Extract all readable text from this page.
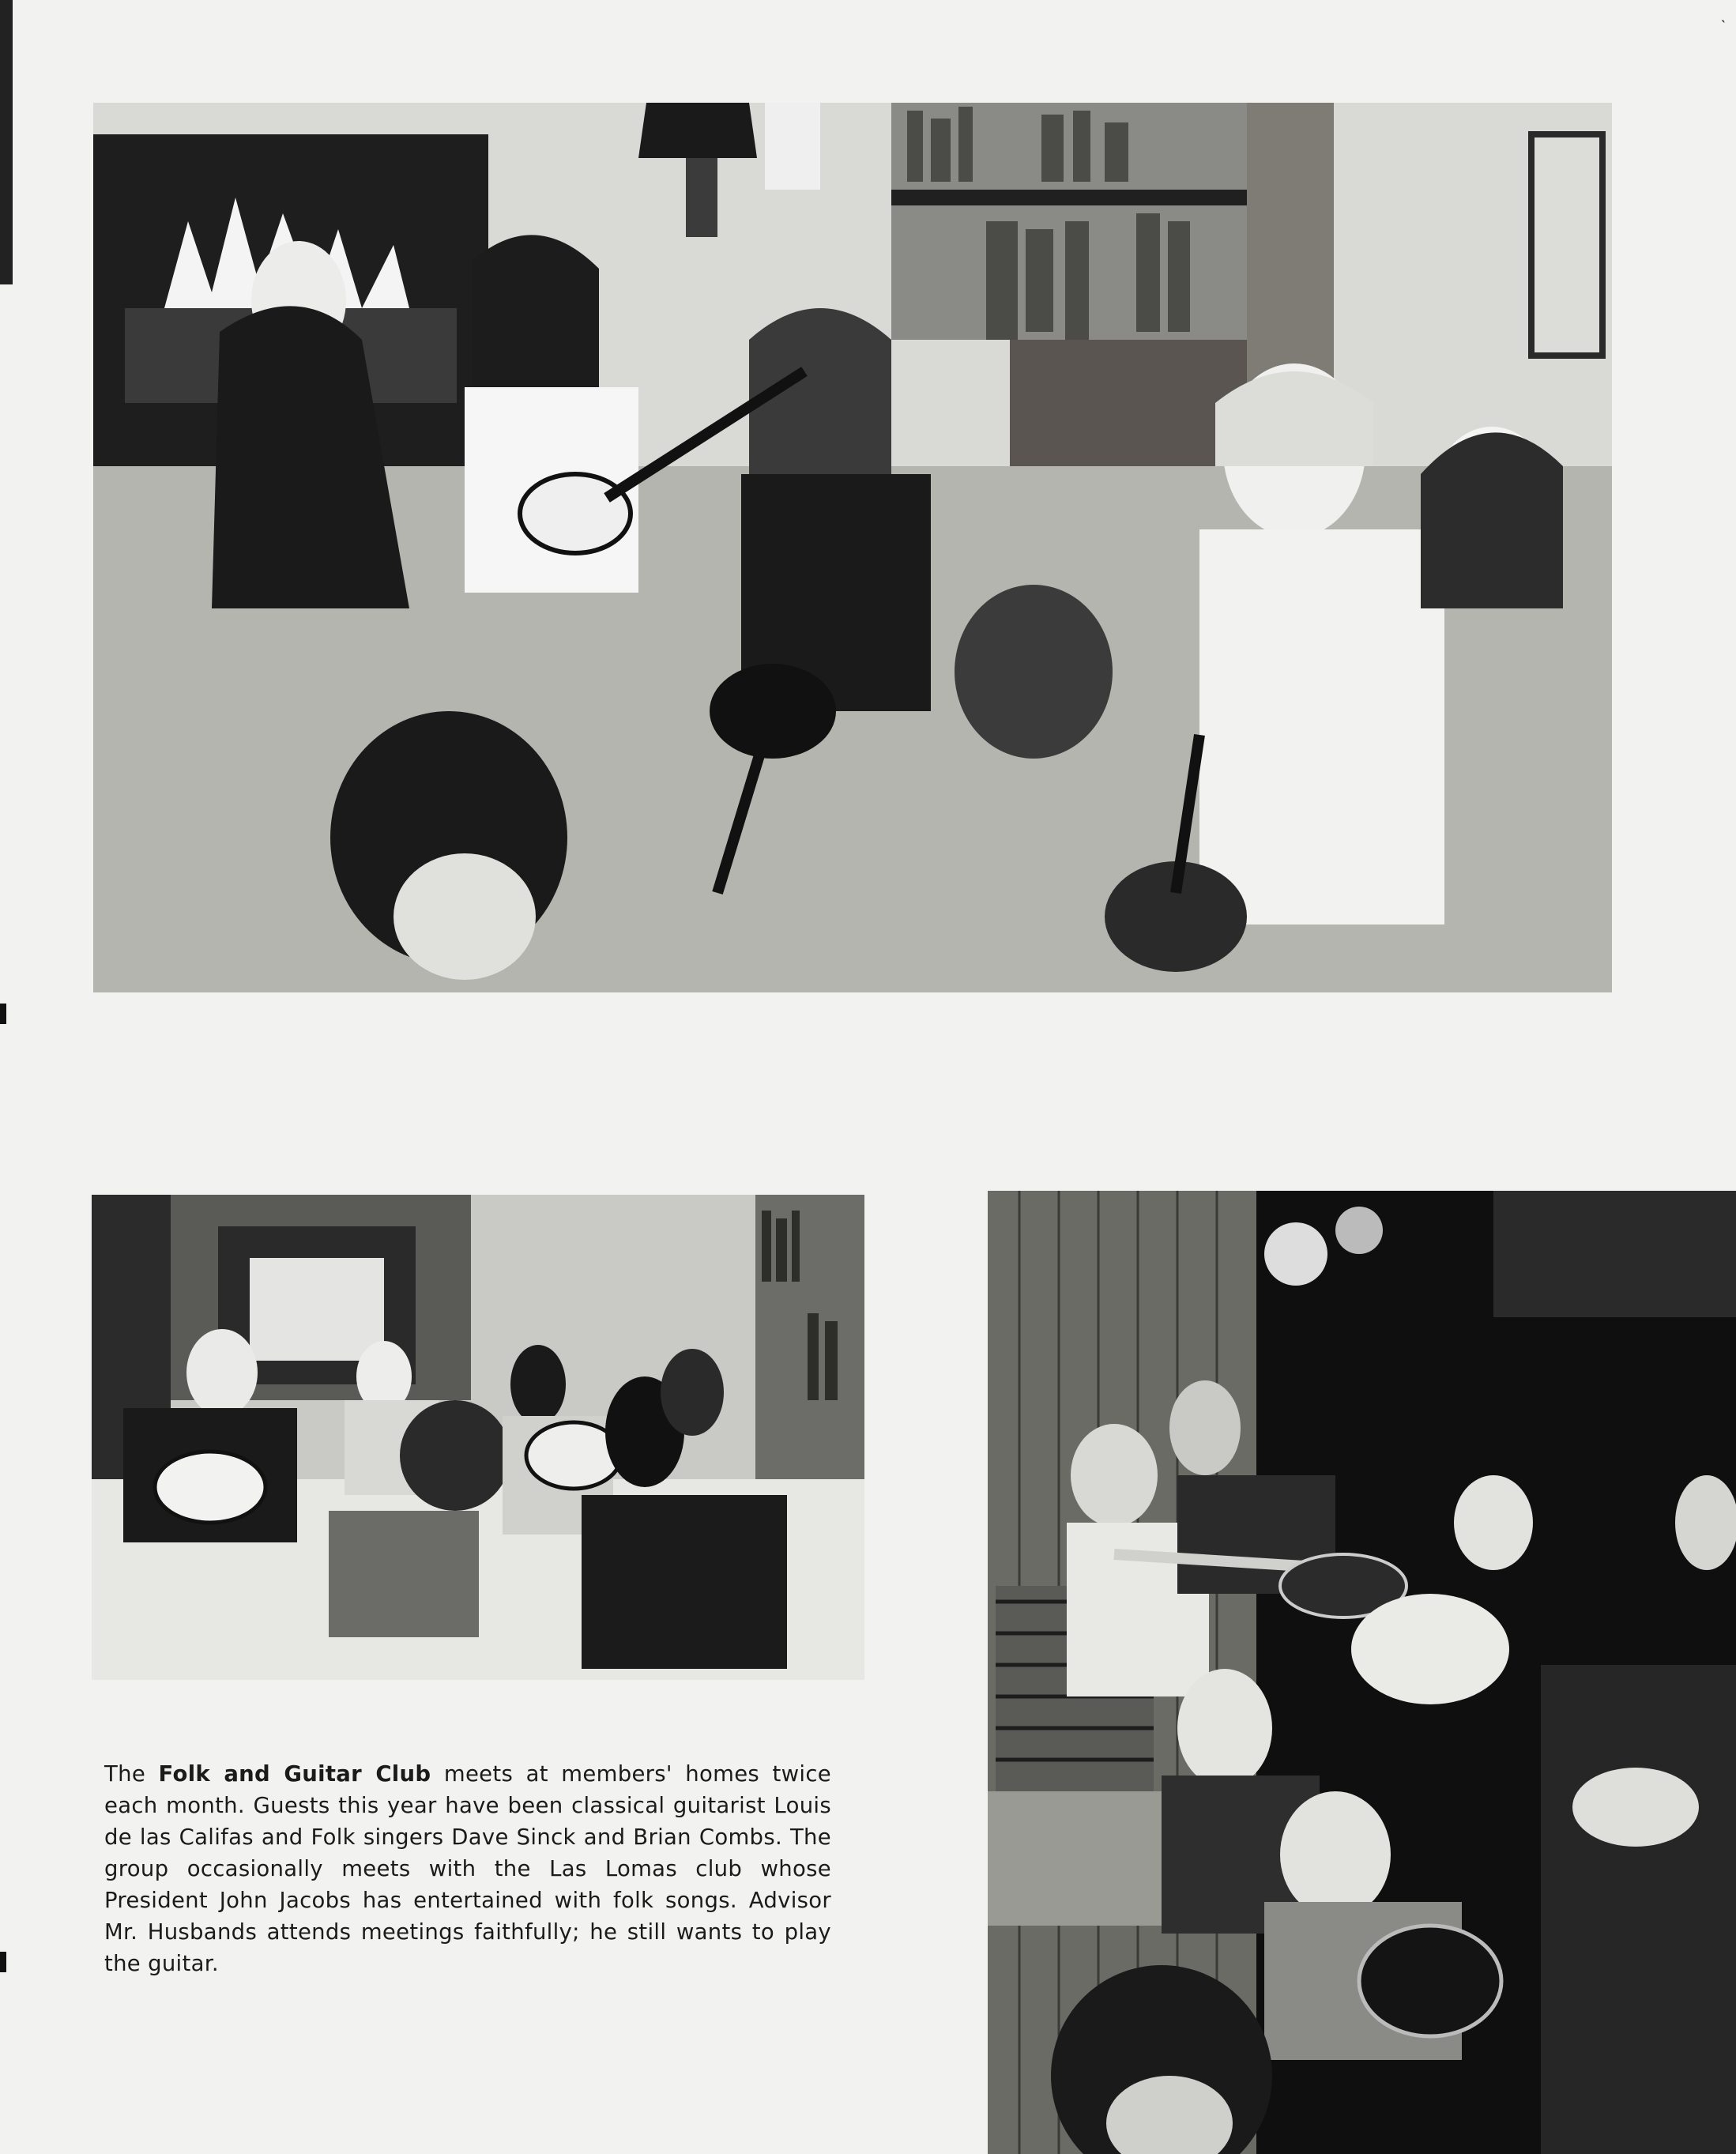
ˎ
The Folk and Guitar Club meets at members' homes twice each month. Guests this year have been classical guitarist Louis de las Califas and Folk singers Dave Sinck and Brian Combs. The group occasionally meets with the Las Lomas club whose President John Jacobs has entertained with folk songs. Advisor Mr. Husbands attends meetings faithfully; he still wants to play the guitar.
